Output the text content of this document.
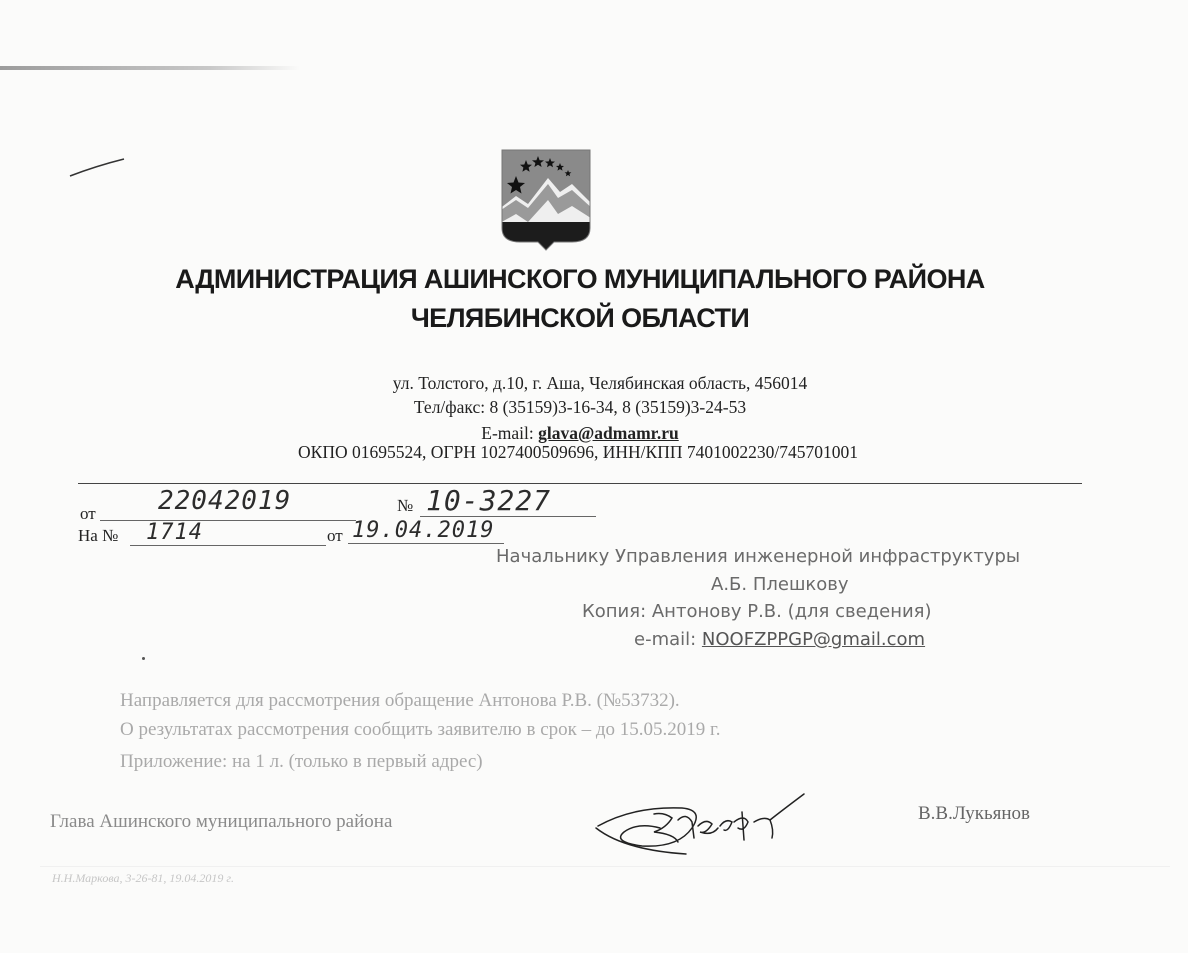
АДМИНИСТРАЦИЯ АШИНСКОГО МУНИЦИПАЛЬНОГО РАЙОНА
ЧЕЛЯБИНСКОЙ ОБЛАСТИ
ул. Толстого, д.10, г. Аша, Челябинская область, 456014
Тел/факс: 8 (35159)3-16-34, 8 (35159)3-24-53
E-mail: glava@admamr.ru
ОКПО 01695524, ОГРН 1027400509696, ИНН/КПП 7401002230/745701001
от 22042019	№ 10-3227
На № 1714	от 19.04.2019
Начальнику Управления инженерной инфраструктуры
А.Б. Плешкову
Копия: Антонову Р.В. (для сведения)
e-mail: NOOFZPPGP@gmail.com
Направляется для рассмотрения обращение Антонова Р.В. (№53732).
О результатах рассмотрения сообщить заявителю в срок – до 15.05.2019 г.
Приложение: на 1 л. (только в первый адрес)
Глава Ашинского муниципального района	В.В.Лукьянов
Н.Н.Маркова, 3-26-81, 19.04.2019 г.
